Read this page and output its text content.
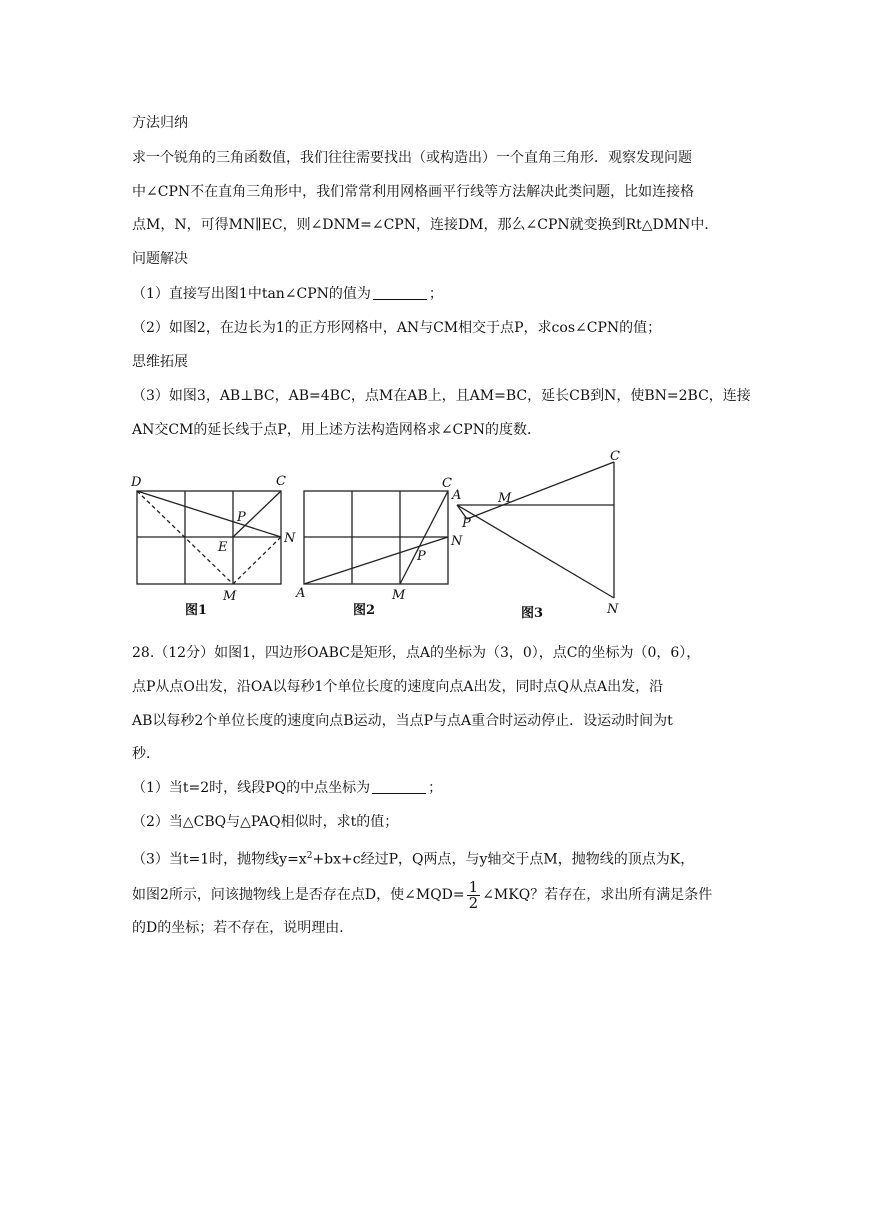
方法归纳
求一个锐角的三角函数值，我们往往需要找出（或构造出）一个直角三角形．观察发现问题
中∠CPN不在直角三角形中，我们常常利用网格画平行线等方法解决此类问题，比如连接格
点M，N，可得MN∥EC，则∠DNM=∠CPN，连接DM，那么∠CPN就变换到Rt△DMN中．
问题解决
（1）直接写出图1中tan∠CPN的值为	；
（2）如图2，在边长为1的正方形网格中，AN与CM相交于点P，求cos∠CPN的值；
思维拓展
（3）如图3，AB⊥BC，AB=4BC，点M在AB上，且AM=BC，延长CB到N，使BN=2BC，连接
AN交CM的延长线于点P，用上述方法构造网格求∠CPN的度数．
D	C
P
E
N
M
图1
C
N
P
A	M
图2
C
A	M
P
N
图3
28.（12分）如图1，四边形OABC是矩形，点A的坐标为（3，0），点C的坐标为（0，6），
点P从点O出发，沿OA以每秒1个单位长度的速度向点A出发，同时点Q从点A出发，沿
AB以每秒2个单位长度的速度向点B运动，当点P与点A重合时运动停止．设运动时间为t
秒．
（1）当t=2时，线段PQ的中点坐标为	；
（2）当△CBQ与△PAQ相似时，求t的值；
（3）当t=1时，抛物线$y=x^2+bx+c$经过P，Q两点，与y轴交于点M，抛物线的顶点为K，
如图2所示，问该抛物线上是否存在点D，使∠MQD= $\frac{1}{2}$ ∠MKQ？若存在，求出所有满足条件
的D的坐标；若不存在，说明理由．
